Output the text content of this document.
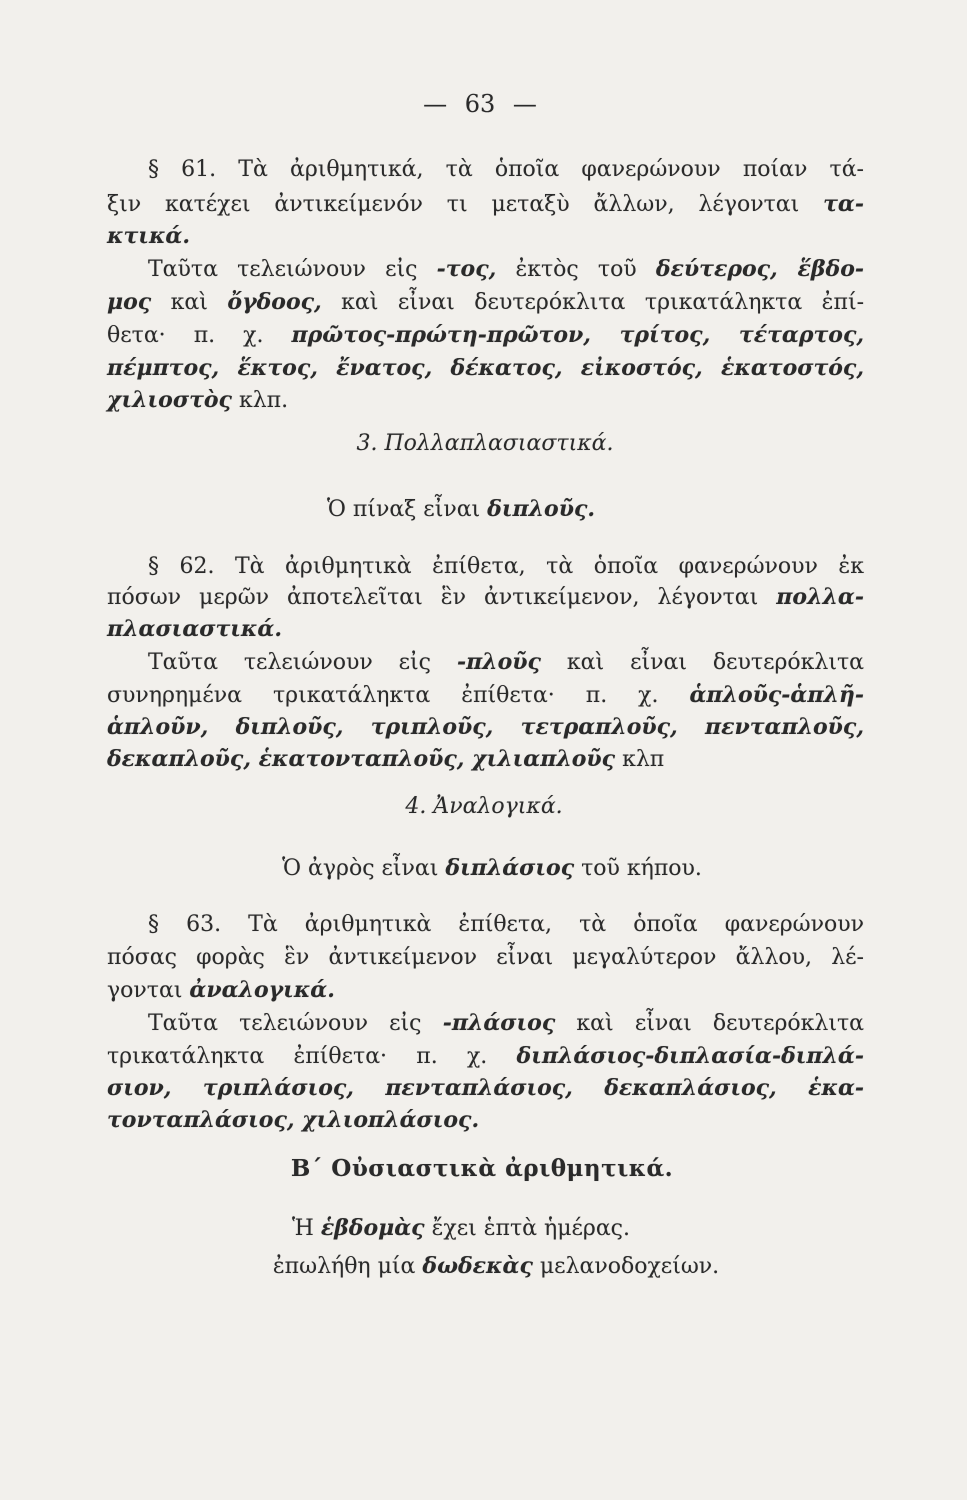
— 63 —
§ 61. Τὰ ἀριθμητικά, τὰ ὁποῖα φανερώνουν ποίαν τά-
ξιν κατέχει ἀντικείμενόν τι μεταξὺ ἄλλων, λέγονται τα-
κτικά.
Ταῦτα τελειώνουν εἰς -τος, ἐκτὸς τοῦ δεύτερος, ἕβδο-
μος καὶ ὄγδοος, καὶ εἶναι δευτερόκλιτα τρικατάληκτα ἐπί-
θετα· π. χ. πρῶτος-πρώτη-πρῶτον, τρίτος, τέταρτος,
πέμπτος, ἕκτος, ἔνατος, δέκατος, εἰκοστός, ἑκατοστός,
χιλιοστὸς κλπ.
3. Πολλαπλασιαστικά.
Ὁ πίναξ εἶναι διπλοῦς.
§ 62. Τὰ ἀριθμητικὰ ἐπίθετα, τὰ ὁποῖα φανερώνουν ἐκ
πόσων μερῶν ἀποτελεῖται ἓν ἀντικείμενον, λέγονται πολλα-
πλασιαστικά.
Ταῦτα τελειώνουν εἰς -πλοῦς καὶ εἶναι δευτερόκλιτα
συνηρημένα τρικατάληκτα ἐπίθετα· π. χ. ἁπλοῦς-ἁπλῆ-
ἁπλοῦν, διπλοῦς, τριπλοῦς, τετραπλοῦς, πενταπλοῦς,
δεκαπλοῦς, ἑκατονταπλοῦς, χιλιαπλοῦς κλπ
4. Ἀναλογικά.
Ὁ ἀγρὸς εἶναι διπλάσιος τοῦ κήπου.
§ 63. Τὰ ἀριθμητικὰ ἐπίθετα, τὰ ὁποῖα φανερώνουν
πόσας φορὰς ἓν ἀντικείμενον εἶναι μεγαλύτερον ἄλλου, λέ-
γονται ἀναλογικά.
Ταῦτα τελειώνουν εἰς -πλάσιος καὶ εἶναι δευτερόκλιτα
τρικατάληκτα ἐπίθετα· π. χ. διπλάσιος-διπλασία-διπλά-
σιον, τριπλάσιος, πενταπλάσιος, δεκαπλάσιος, ἑκα-
τονταπλάσιος, χιλιοπλάσιος.
Β΄ Οὐσιαστικὰ ἀριθμητικά.
Ἡ ἑβδομὰς ἔχει ἑπτὰ ἡμέρας.
ἐπωλήθη μία δωδεκὰς μελανοδοχείων.
